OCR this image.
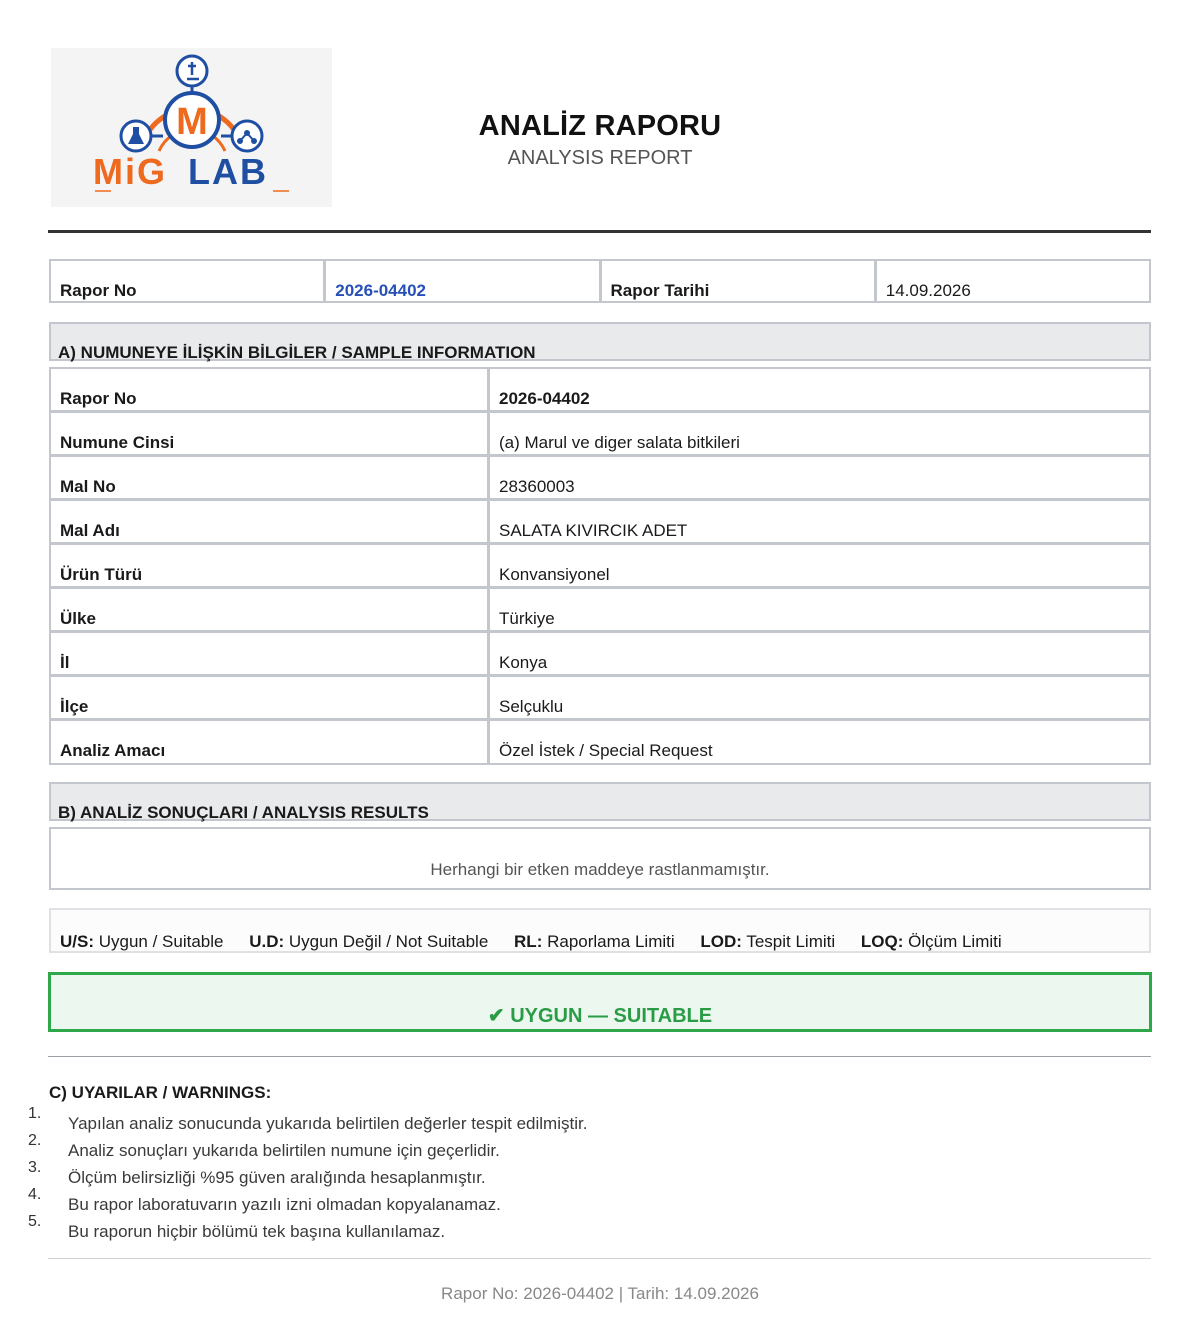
M
MiG LAB
ANALİZ RAPORU
ANALYSIS REPORT
Rapor No	2026-04402	Rapor Tarihi	14.09.2026
A) NUMUNEYE İLİŞKİN BİLGİLER / SAMPLE INFORMATION
Rapor No	2026-04402
Numune Cinsi	(a) Marul ve diger salata bitkileri
Mal No	28360003
Mal Adı	SALATA KIVIRCIK ADET
Ürün Türü	Konvansiyonel
Ülke	Türkiye
İl	Konya
İlçe	Selçuklu
Analiz Amacı	Özel İstek / Special Request
B) ANALİZ SONUÇLARI / ANALYSIS RESULTS
Herhangi bir etken maddeye rastlanmamıştır.
U/S: Uygun / Suitable U.D: Uygun Değil / Not Suitable RL: Raporlama Limiti LOD: Tespit Limiti LOQ: Ölçüm Limiti
✔ UYGUN — SUITABLE
C) UYARILAR / WARNINGS:
1.
Yapılan analiz sonucunda yukarıda belirtilen değerler tespit edilmiştir.
2.
Analiz sonuçları yukarıda belirtilen numune için geçerlidir.
3.
Ölçüm belirsizliği %95 güven aralığında hesaplanmıştır.
4.
Bu rapor laboratuvarın yazılı izni olmadan kopyalanamaz.
5.
Bu raporun hiçbir bölümü tek başına kullanılamaz.
Rapor No: 2026-04402 | Tarih: 14.09.2026
